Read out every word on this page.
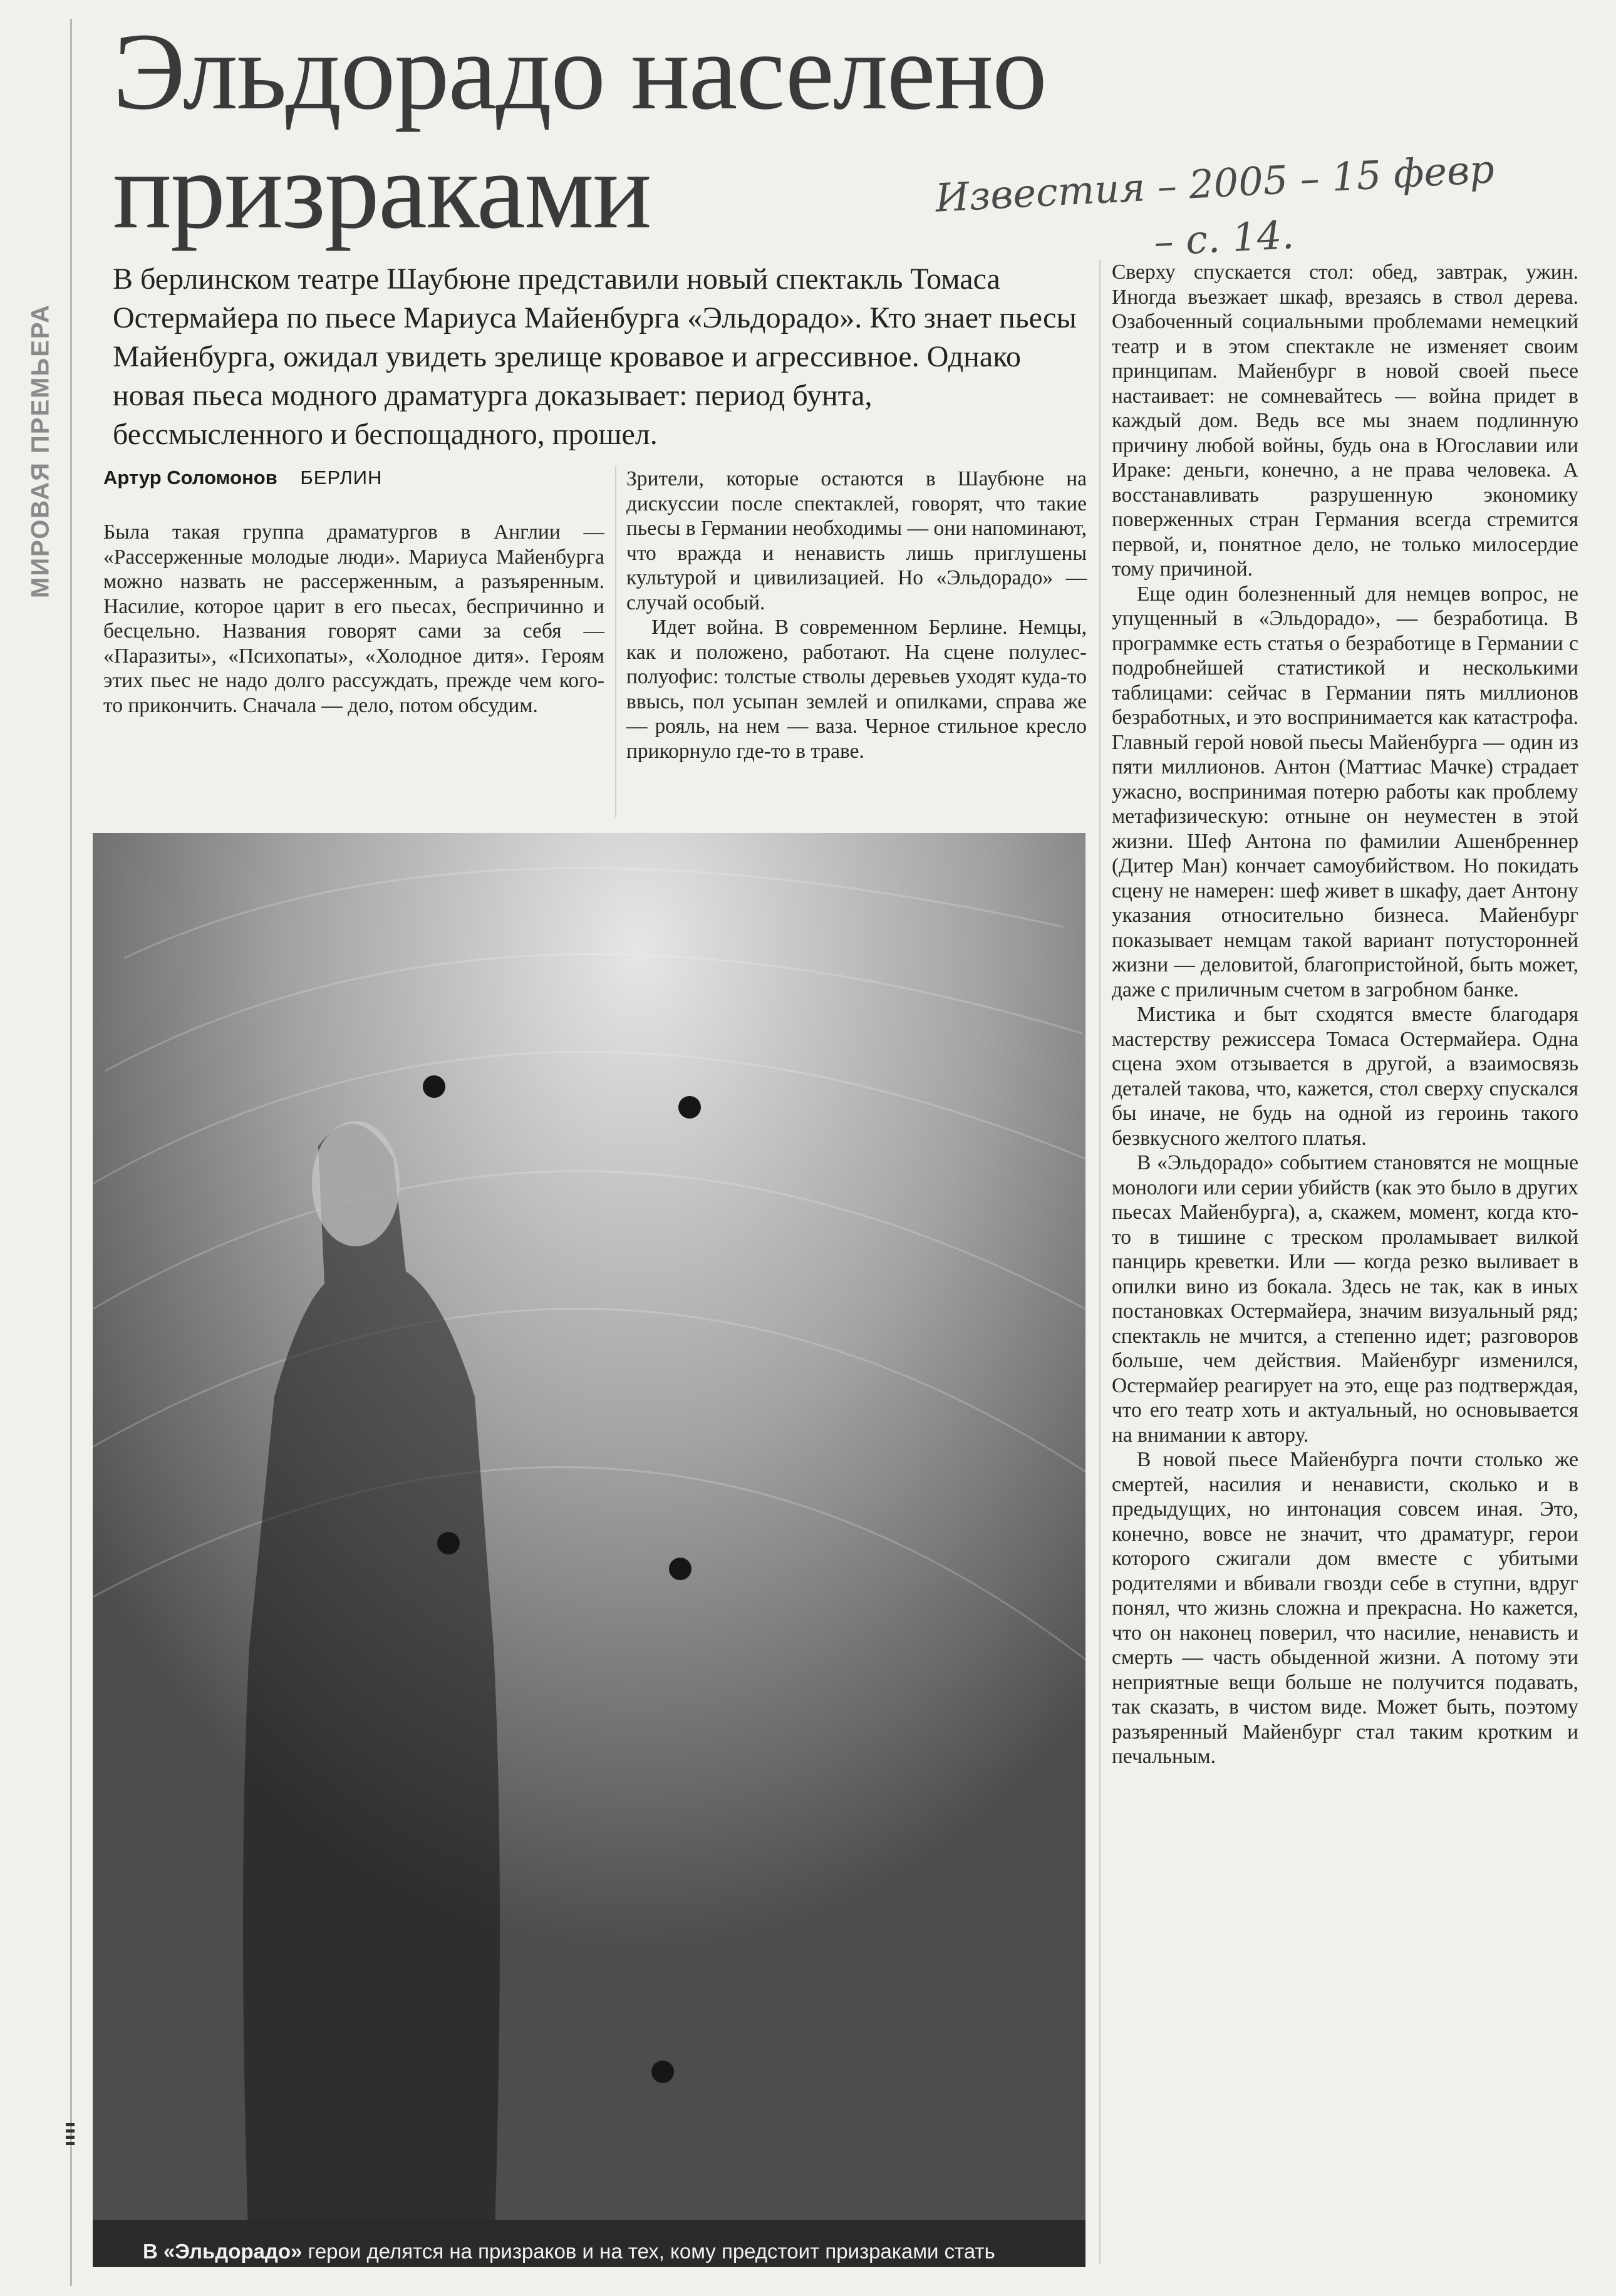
МИРОВАЯ ПРЕМЬЕРА
Эльдорадо населено призраками	Известия – 2005 – 15 февр
– с. 14.
В берлинском театре Шаубюне представили новый спектакль Томаса Остермайера по пьесе Мариуса Майенбурга «Эльдорадо». Кто знает пьесы Майенбурга, ожидал увидеть зрелище кровавое и агрессивное. Однако новая пьеса модного драматурга доказывает: период бунта, бессмысленного и беспощадного, прошел.
Артур Соломонов БЕРЛИН

Была такая группа драматургов в Англии — «Рассерженные молодые люди». Мариуса Майенбурга можно назвать не рассерженным, а разъяренным. Насилие, которое царит в его пьесах, беспричинно и бесцельно. Названия говорят сами за себя — «Паразиты», «Психопаты», «Холодное дитя». Героям этих пьес не надо долго рассуждать, прежде чем кого-то прикончить. Сначала — дело, потом обсудим.

Зрители, которые остаются в Шаубюне на дискуссии после спектаклей, говорят, что такие пьесы в Германии необходимы — они напоминают, что вражда и ненависть лишь приглушены культурой и цивилизацией. Но «Эльдорадо» — случай особый.

Идет война. В современном Берлине. Немцы, как и положено, работают. На сцене полулес-полуофис: толстые стволы деревьев уходят куда-то ввысь, пол усыпан землей и опилками, справа же — рояль, на нем — ваза. Черное стильное кресло прикорнуло где-то в траве.

Сверху спускается стол: обед, завтрак, ужин. Иногда въезжает шкаф, врезаясь в ствол дерева. Озабоченный социальными проблемами немецкий театр и в этом спектакле не изменяет своим принципам. Майенбург в новой своей пьесе настаивает: не сомневайтесь — война придет в каждый дом. Ведь все мы знаем подлинную причину любой войны, будь она в Югославии или Ираке: деньги, конечно, а не права человека. А восстанавливать разрушенную экономику поверженных стран Германия всегда стремится первой, и, понятное дело, не только милосердие тому причиной.

Еще один болезненный для немцев вопрос, не упущенный в «Эльдорадо», — безработица. В программке есть статья о безработице в Германии с подробнейшей статистикой и несколькими таблицами: сейчас в Германии пять миллионов безработных, и это воспринимается как катастрофа. Главный герой новой пьесы Майенбурга — один из пяти миллионов. Антон (Маттиас Мачке) страдает ужасно, воспринимая потерю работы как проблему метафизическую: отныне он неуместен в этой жизни. Шеф Антона по фамилии Ашенбреннер (Дитер Ман) кончает самоубийством. Но покидать сцену не намерен: шеф живет в шкафу, дает Антону указания относительно бизнеса. Майенбург показывает немцам такой вариант потусторонней жизни — деловитой, благопристойной, быть может, даже с приличным счетом в загробном банке.

Мистика и быт сходятся вместе благодаря мастерству режиссера Томаса Остермайера. Одна сцена эхом отзывается в другой, а взаимосвязь деталей такова, что, кажется, стол сверху спускался бы иначе, не будь на одной из героинь такого безвкусного желтого платья.

В «Эльдорадо» событием становятся не мощные монологи или серии убийств (как это было в других пьесах Майенбурга), а, скажем, момент, когда кто-то в тишине с треском проламывает вилкой панцирь креветки. Или — когда резко выливает в опилки вино из бокала. Здесь не так, как в иных постановках Остермайера, значим визуальный ряд; спектакль не мчится, а степенно идет; разговоров больше, чем действия. Майенбург изменился, Остермайер реагирует на это, еще раз подтверждая, что его театр хоть и актуальный, но основывается на внимании к автору.

В новой пьесе Майенбурга почти столько же смертей, насилия и ненависти, сколько и в предыдущих, но интонация совсем иная. Это, конечно, вовсе не значит, что драматург, герои которого сжигали дом вместе с убитыми родителями и вбивали гвозди себе в ступни, вдруг понял, что жизнь сложна и прекрасна. Но кажется, что он наконец поверил, что насилие, ненависть и смерть — часть обыденной жизни. А потому эти неприятные вещи больше не получится подавать, так сказать, в чистом виде. Может быть, поэтому разъяренный Майенбург стал таким кротким и печальным.

В «Эльдорадо» герои делятся на призраков и на тех, кому предстоит призраками стать
